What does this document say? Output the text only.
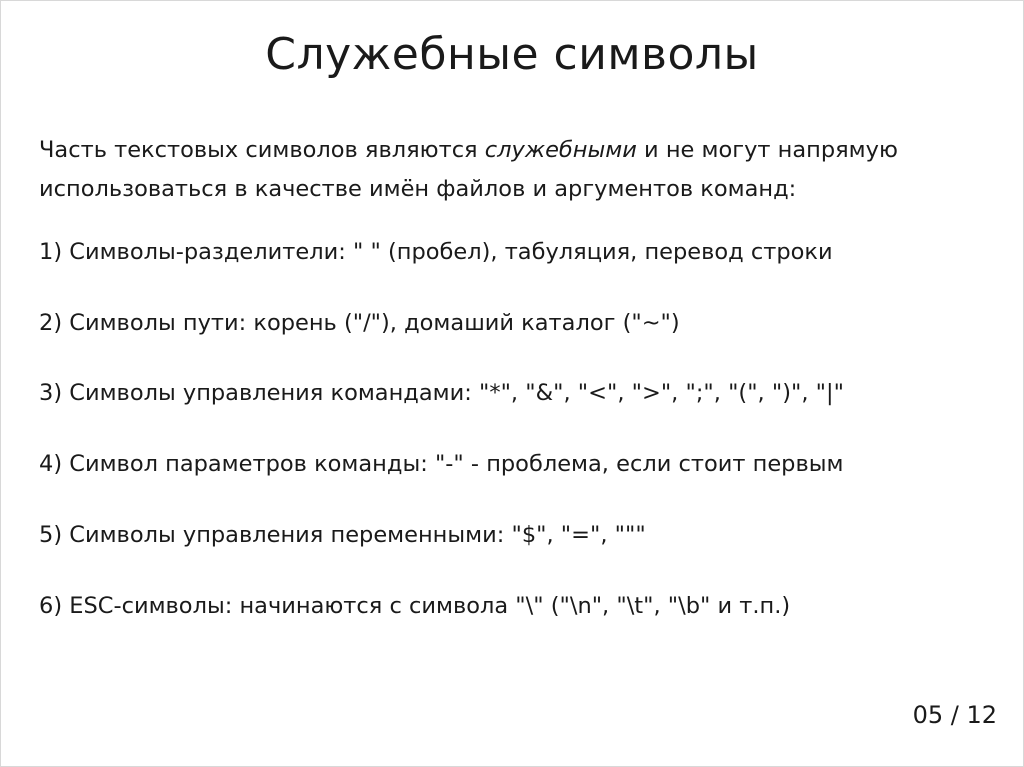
Служебные символы

Часть текстовых символов являются служебными и не могут напрямую
использоваться в качестве имён файлов и аргументов команд:

1) Символы-разделители: " " (пробел), табуляция, перевод строки

2) Символы пути: корень ("/"), домаший каталог ("~")

3) Символы управления командами: "*", "&", "<", ">", ";", "(", ")", "|"

4) Символ параметров команды: "-" - проблема, если стоит первым

5) Символы управления переменными: "$", "=", """

6) ESC-символы: начинаются с символа "\" ("\n", "\t", "\b" и т.п.)

05 / 12
